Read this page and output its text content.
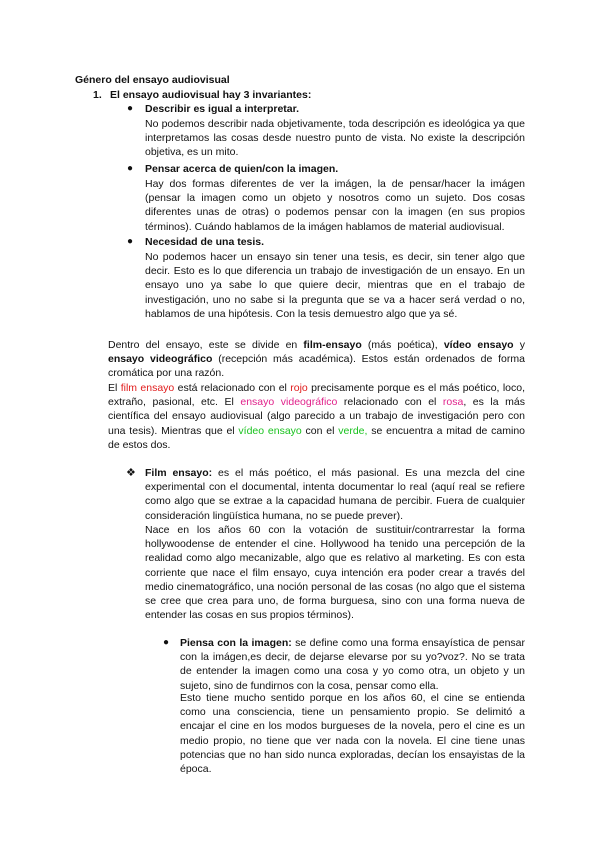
Género del ensayo audiovisual
1. El ensayo audiovisual hay 3 invariantes:
● Describir es igual a interpretar.
No podemos describir nada objetivamente, toda descripción es ideológica ya que interpretamos las cosas desde nuestro punto de vista. No existe la descripción objetiva, es un mito.
● Pensar acerca de quien/con la imagen.
Hay dos formas diferentes de ver la imágen, la de pensar/hacer la imágen (pensar la imagen como un objeto y nosotros como un sujeto. Dos cosas diferentes unas de otras) o podemos pensar con la imagen (en sus propios términos). Cuándo hablamos de la imágen hablamos de material audiovisual.
● Necesidad de una tesis.
No podemos hacer un ensayo sin tener una tesis, es decir, sin tener algo que decir. Esto es lo que diferencia un trabajo de investigación de un ensayo. En un ensayo uno ya sabe lo que quiere decir, mientras que en el trabajo de investigación, uno no sabe si la pregunta que se va a hacer será verdad o no, hablamos de una hipótesis. Con la tesis demuestro algo que ya sé.
Dentro del ensayo, este se divide en film-ensayo (más poética), vídeo ensayo y ensayo videográfico (recepción más académica). Estos están ordenados de forma cromática por una razón.
El film ensayo está relacionado con el rojo precisamente porque es el más poético, loco, extraño, pasional, etc. El ensayo videográfico relacionado con el rosa, es la más científica del ensayo audiovisual (algo parecido a un trabajo de investigación pero con una tesis). Mientras que el vídeo ensayo con el verde, se encuentra a mitad de camino de estos dos.
❖ Film ensayo: es el más poético, el más pasional. Es una mezcla del cine experimental con el documental, intenta documentar lo real (aquí real se refiere como algo que se extrae a la capacidad humana de percibir. Fuera de cualquier consideración lingüística humana, no se puede prever).
Nace en los años 60 con la votación de sustituir/contrarrestar la forma hollywoodense de entender el cine. Hollywood ha tenido una percepción de la realidad como algo mecanizable, algo que es relativo al marketing. Es con esta corriente que nace el film ensayo, cuya intención era poder crear a través del medio cinematográfico, una noción personal de las cosas (no algo que el sistema se cree que crea para uno, de forma burguesa, sino con una forma nueva de entender las cosas en sus propios términos).
● Piensa con la imagen: se define como una forma ensayística de pensar con la imágen,es decir, de dejarse elevarse por su yo?voz?. No se trata de entender la imagen como una cosa y yo como otra, un objeto y un sujeto, sino de fundirnos con la cosa, pensar como ella.
Esto tiene mucho sentido porque en los años 60, el cine se entienda como una consciencia, tiene un pensamiento propio. Se delimitó a encajar el cine en los modos burgueses de la novela, pero el cine es un medio propio, no tiene que ver nada con la novela. El cine tiene unas potencias que no han sido nunca exploradas, decían los ensayistas de la época.
